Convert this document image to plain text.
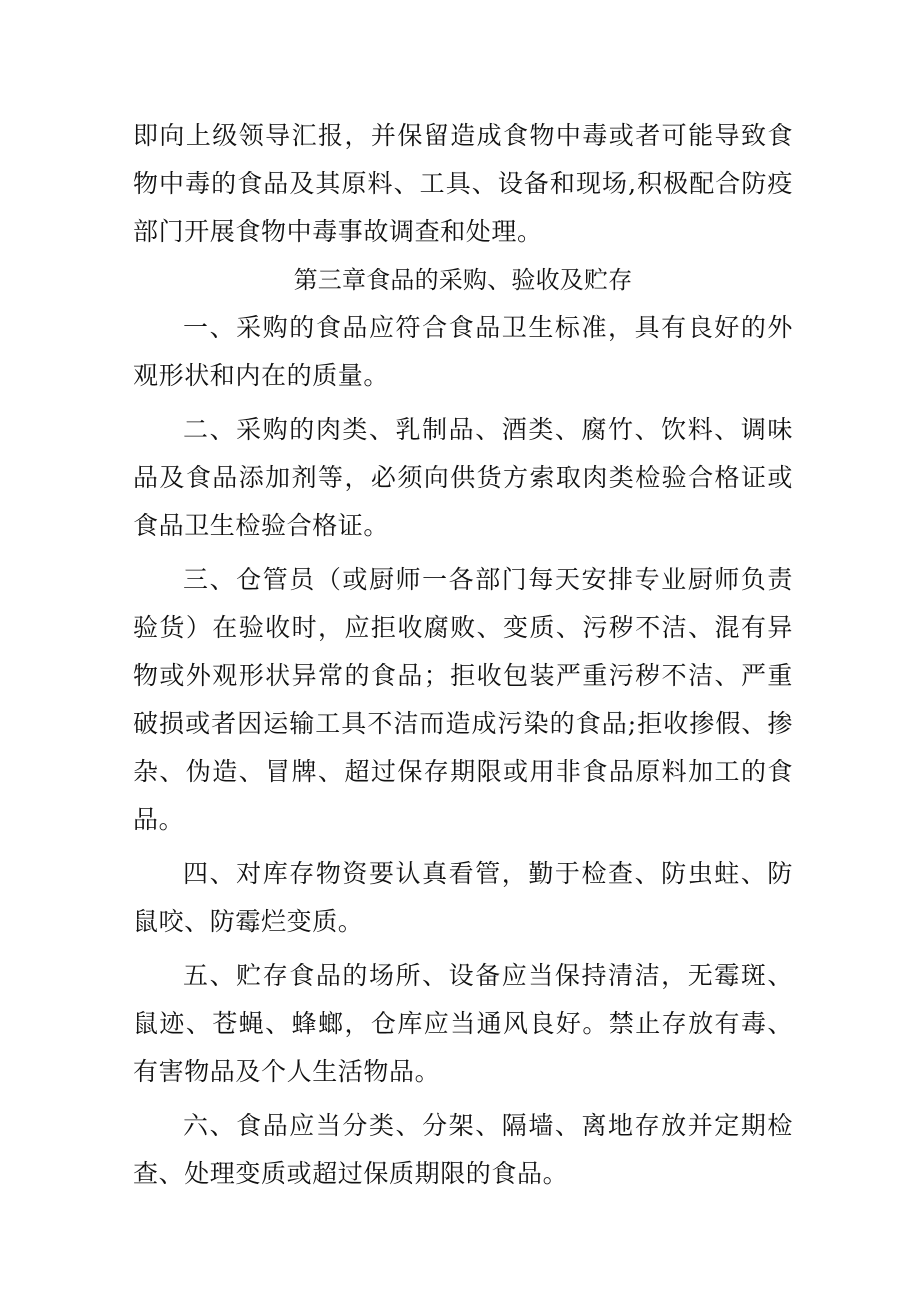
即向上级领导汇报，并保留造成食物中毒或者可能导致食物中毒的食品及其原料、工具、设备和现场,积极配合防疫部门开展食物中毒事故调查和处理。

第三章食品的采购、验收及贮存

一、采购的食品应符合食品卫生标准，具有良好的外观形状和内在的质量。

二、采购的肉类、乳制品、酒类、腐竹、饮料、调味品及食品添加剂等，必须向供货方索取肉类检验合格证或食品卫生检验合格证。

三、仓管员（或厨师一各部门每天安排专业厨师负责验货）在验收时，应拒收腐败、变质、污秽不洁、混有异物或外观形状异常的食品；拒收包装严重污秽不洁、严重破损或者因运输工具不洁而造成污染的食品;拒收掺假、掺杂、伪造、冒牌、超过保存期限或用非食品原料加工的食品。

四、对库存物资要认真看管，勤于检查、防虫蛀、防鼠咬、防霉烂变质。

五、贮存食品的场所、设备应当保持清洁，无霉斑、鼠迹、苍蝇、蜂螂，仓库应当通风良好。禁止存放有毒、有害物品及个人生活物品。

六、食品应当分类、分架、隔墙、离地存放并定期检查、处理变质或超过保质期限的食品。
